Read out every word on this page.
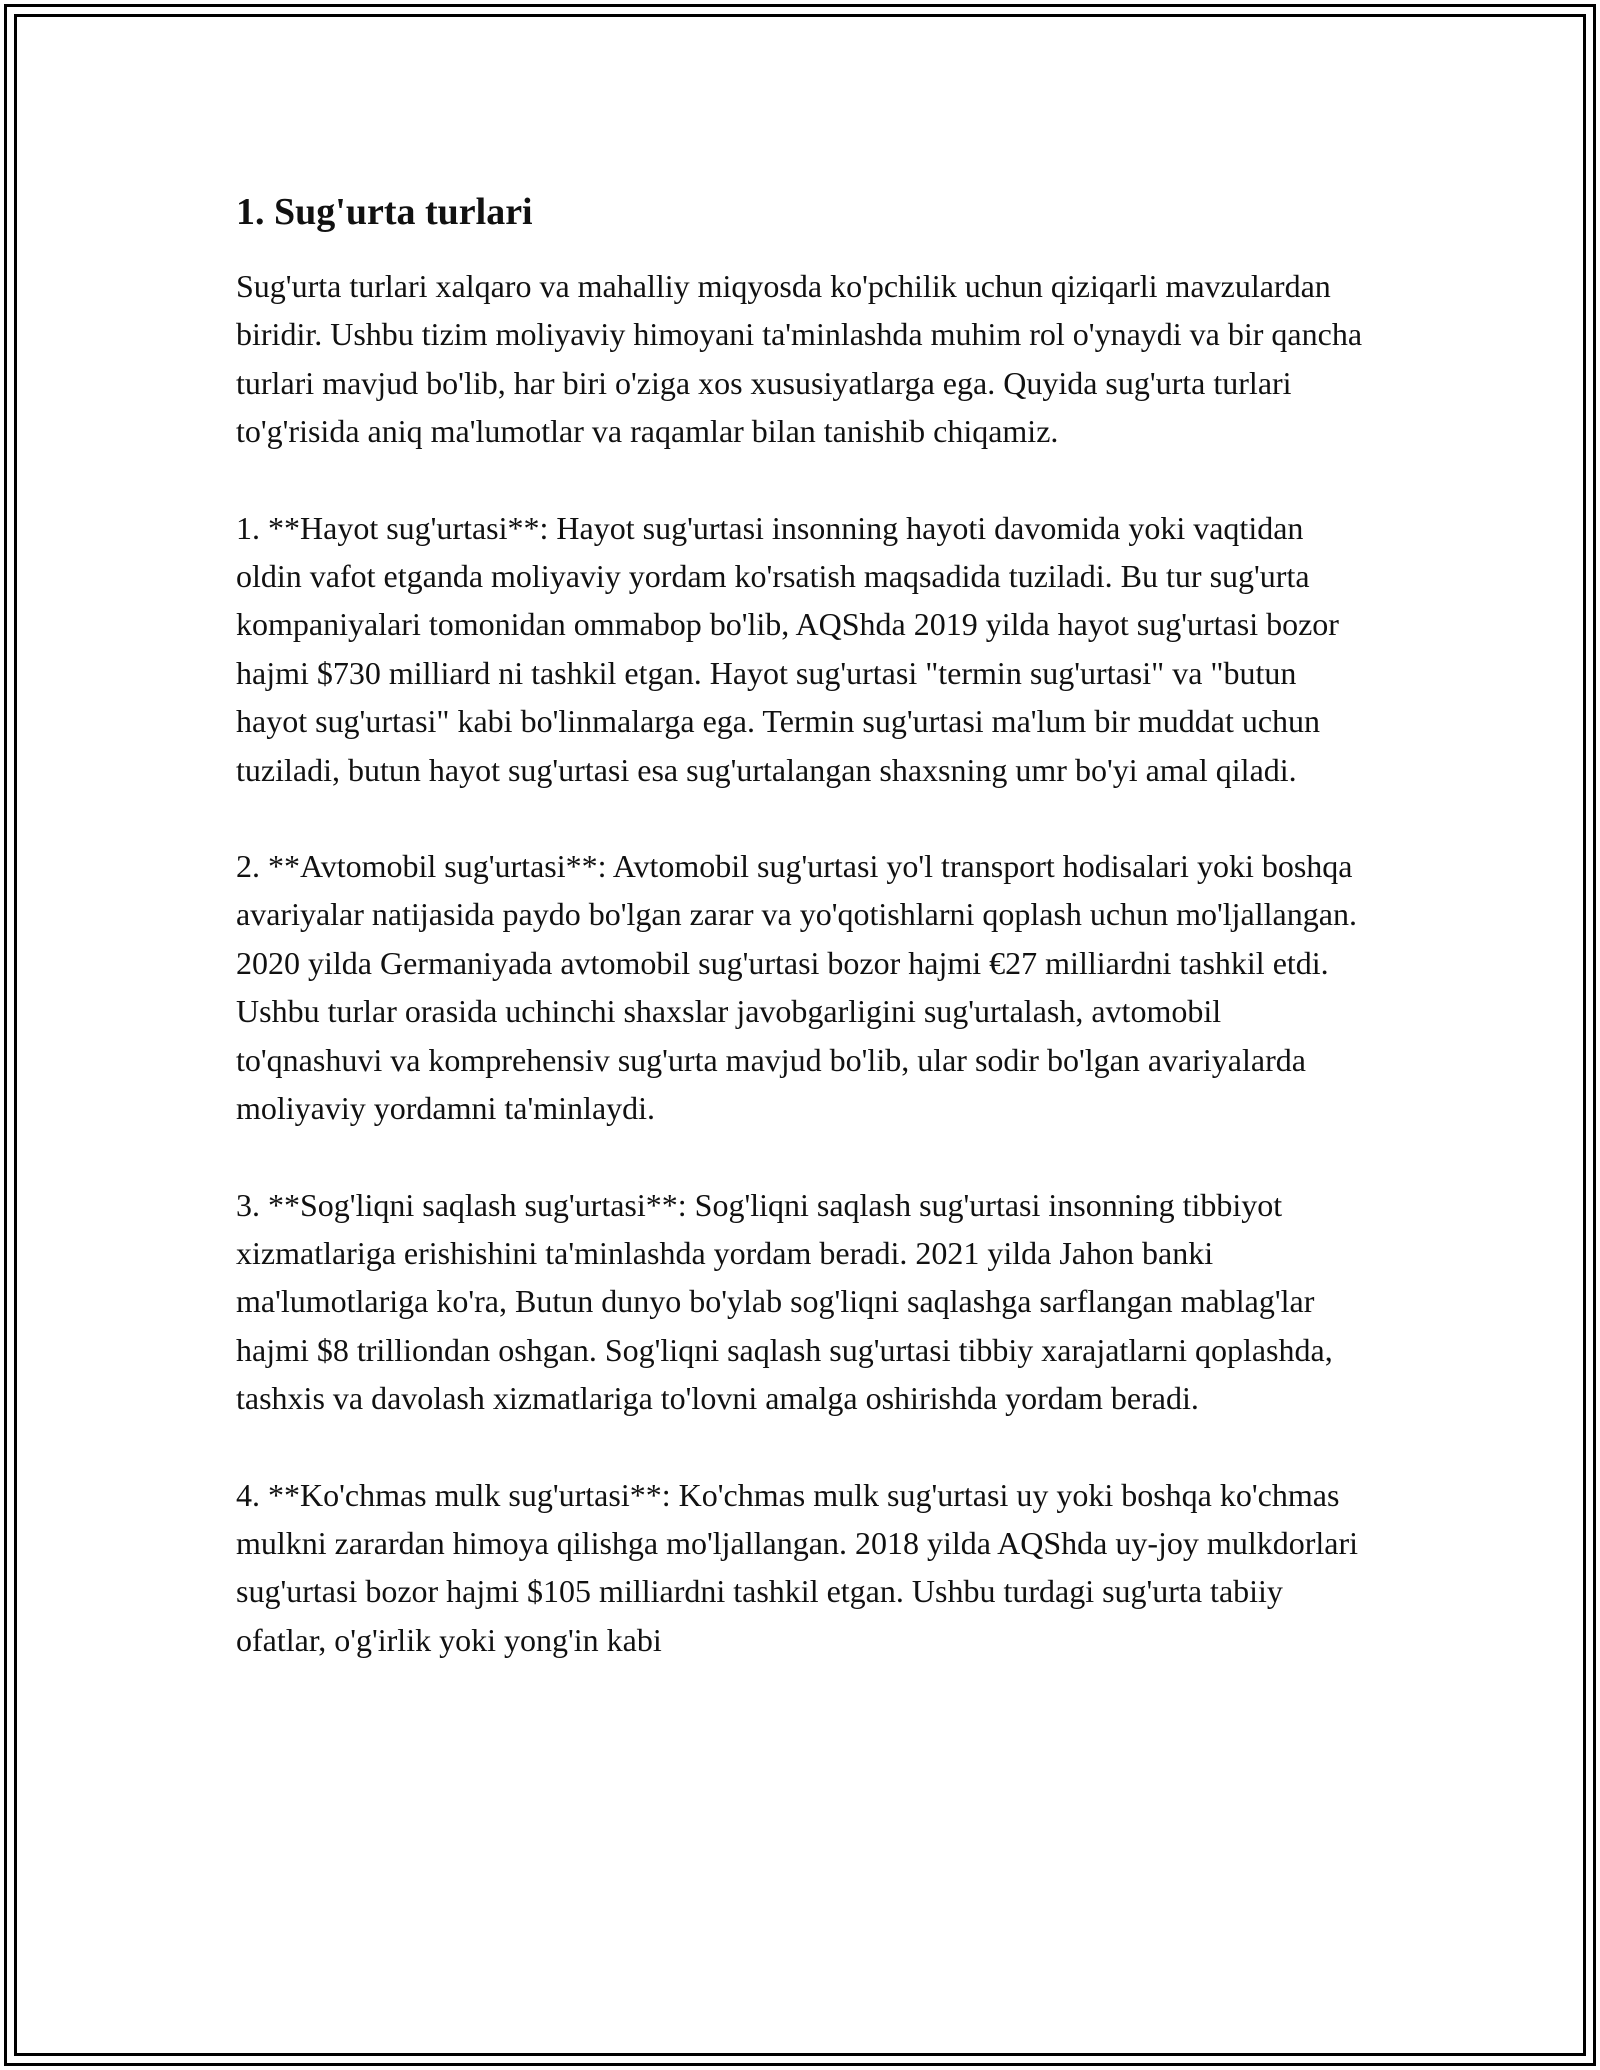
1. Sug'urta turlari

Sug'urta turlari xalqaro va mahalliy miqyosda ko'pchilik uchun qiziqarli mavzulardan biridir. Ushbu tizim moliyaviy himoyani ta'minlashda muhim rol o'ynaydi va bir qancha turlari mavjud bo'lib, har biri o'ziga xos xususiyatlarga ega. Quyida sug'urta turlari to'g'risida aniq ma'lumotlar va raqamlar bilan tanishib chiqamiz.

1. **Hayot sug'urtasi**: Hayot sug'urtasi insonning hayoti davomida yoki vaqtidan oldin vafot etganda moliyaviy yordam ko'rsatish maqsadida tuziladi. Bu tur sug'urta kompaniyalari tomonidan ommabop bo'lib, AQShda 2019 yilda hayot sug'urtasi bozor hajmi $730 milliard ni tashkil etgan. Hayot sug'urtasi "termin sug'urtasi" va "butun hayot sug'urtasi" kabi bo'linmalarga ega. Termin sug'urtasi ma'lum bir muddat uchun tuziladi, butun hayot sug'urtasi esa sug'urtalangan shaxsning umr bo'yi amal qiladi.

2. **Avtomobil sug'urtasi**: Avtomobil sug'urtasi yo'l transport hodisalari yoki boshqa avariyalar natijasida paydo bo'lgan zarar va yo'qotishlarni qoplash uchun mo'ljallangan. 2020 yilda Germaniyada avtomobil sug'urtasi bozor hajmi €27 milliardni tashkil etdi. Ushbu turlar orasida uchinchi shaxslar javobgarligini sug'urtalash, avtomobil to'qnashuvi va komprehensiv sug'urta mavjud bo'lib, ular sodir bo'lgan avariyalarda moliyaviy yordamni ta'minlaydi.

3. **Sog'liqni saqlash sug'urtasi**: Sog'liqni saqlash sug'urtasi insonning tibbiyot xizmatlariga erishishini ta'minlashda yordam beradi. 2021 yilda Jahon banki ma'lumotlariga ko'ra, Butun dunyo bo'ylab sog'liqni saqlashga sarflangan mablag'lar hajmi $8 trilliondan oshgan. Sog'liqni saqlash sug'urtasi tibbiy xarajatlarni qoplashda, tashxis va davolash xizmatlariga to'lovni amalga oshirishda yordam beradi.

4. **Ko'chmas mulk sug'urtasi**: Ko'chmas mulk sug'urtasi uy yoki boshqa ko'chmas mulkni zarardan himoya qilishga mo'ljallangan. 2018 yilda AQShda uy-joy mulkdorlari sug'urtasi bozor hajmi $105 milliardni tashkil etgan. Ushbu turdagi sug'urta tabiiy ofatlar, o'g'irlik yoki yong'in kabi
